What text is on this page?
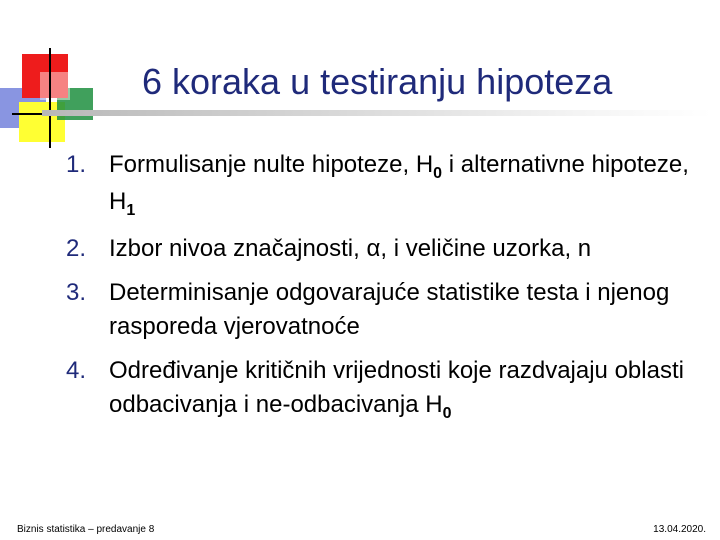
6 koraka u testiranju hipoteza
1. Formulisanje nulte hipoteze, $H_0$ i alternativne hipoteze, $H_1$
2. Izbor nivoa značajnosti, α, i veličine uzorka, n
3. Determinisanje odgovarajuće statistike testa i njenog rasporeda vjerovatnoće
4. Određivanje kritičnih vrijednosti koje razdvajaju oblasti odbacivanja i ne-odbacivanja $H_0$
Biznis statistika – predavanje 8	13.04.2020.
